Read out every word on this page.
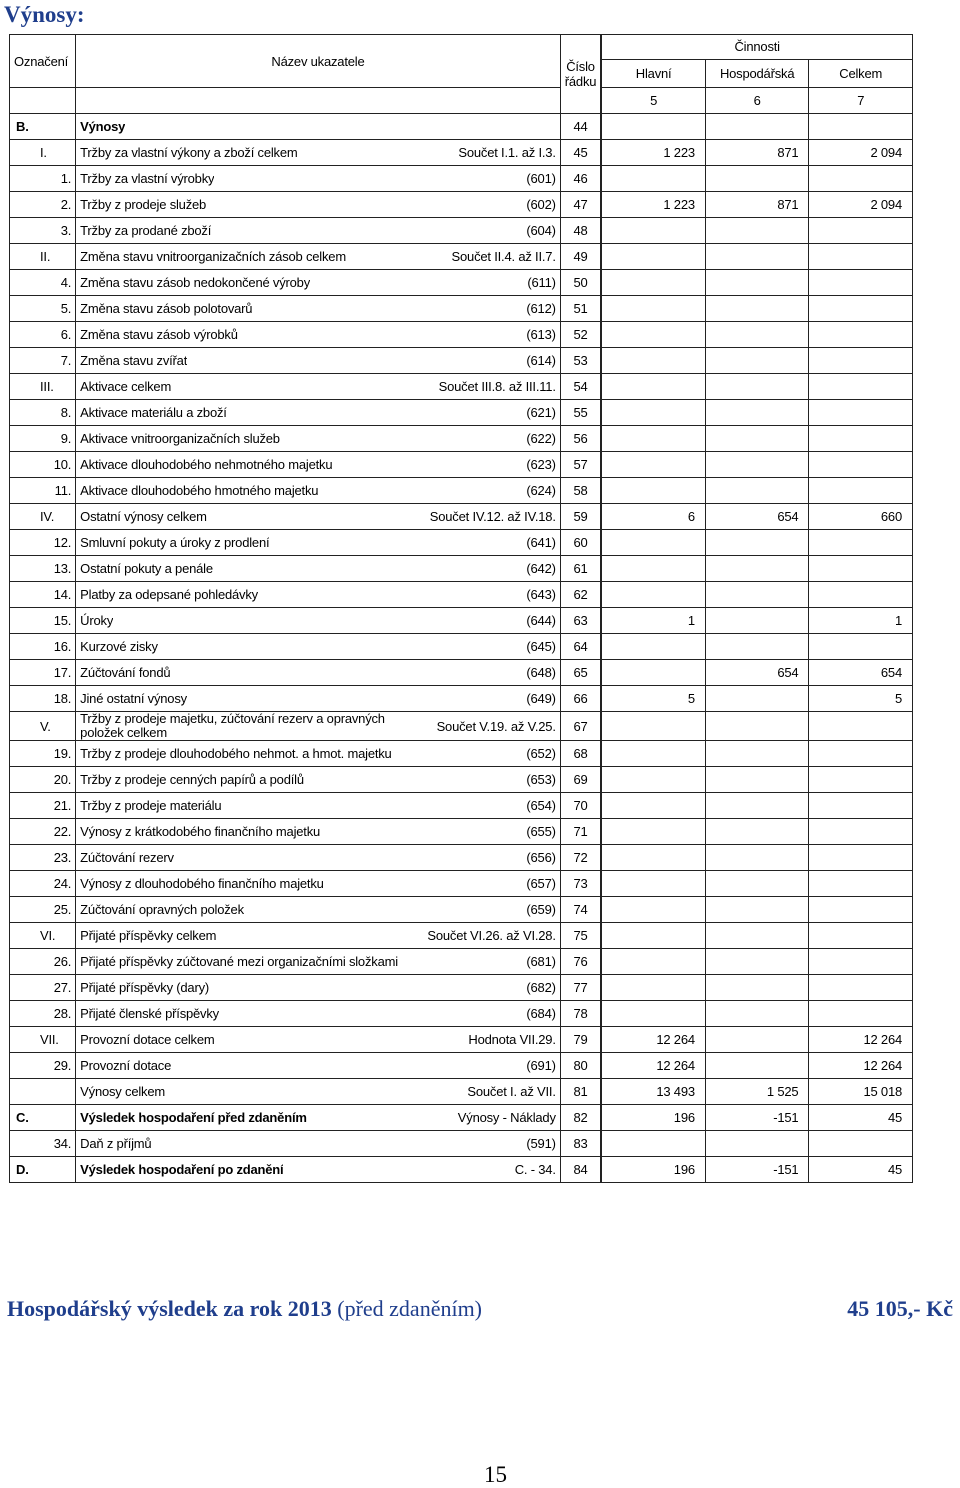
Výnosy:
Označení	Název ukazatele	Číslo řádku		Činnosti		
			Hlavní	Hospodářská	Celkem
			5	6	7
B.	Výnosy	44				
I.	Tržby za vlastní výkony a zboží celkem Součet I.1. až I.3.	45		1 223	871	2 094
1.	Tržby za vlastní výrobky (601)	46				
2.	Tržby z prodeje služeb (602)	47		1 223	871	2 094
3.	Tržby za prodané zboží (604)	48				
II.	Změna stavu vnitroorganizačních zásob celkem Součet II.4. až II.7.	49				
4.	Změna stavu zásob nedokončené výroby (611)	50				
5.	Změna stavu zásob polotovarů (612)	51				
6.	Změna stavu zásob výrobků (613)	52				
7.	Změna stavu zvířat (614)	53				
III.	Aktivace celkem Součet III.8. až III.11.	54				
8.	Aktivace materiálu a zboží (621)	55				
9.	Aktivace vnitroorganizačních služeb (622)	56				
10.	Aktivace dlouhodobého nehmotného majetku (623)	57				
11.	Aktivace dlouhodobého hmotného majetku (624)	58				
IV.	Ostatní výnosy celkem Součet IV.12. až IV.18.	59		6	654	660
12.	Smluvní pokuty a úroky z prodlení (641)	60				
13.	Ostatní pokuty a penále (642)	61				
14.	Platby za odepsané pohledávky (643)	62				
15.	Úroky (644)	63		1		1
16.	Kurzové zisky (645)	64				
17.	Zúčtování fondů (648)	65			654	654
18.	Jiné ostatní výnosy (649)	66		5		5
V.	Tržby z prodeje majetku, zúčtování rezerv a opravných položek celkem Součet V.19. až V.25.	67				
19.	Tržby z prodeje dlouhodobého nehmot. a hmot. majetku (652)	68				
20.	Tržby z prodeje cenných papírů a podílů (653)	69				
21.	Tržby z prodeje materiálu (654)	70				
22.	Výnosy z krátkodobého finančního majetku (655)	71				
23.	Zúčtování rezerv (656)	72				
24.	Výnosy z dlouhodobého finančního majetku (657)	73				
25.	Zúčtování opravných položek (659)	74				
VI.	Přijaté příspěvky celkem Součet VI.26. až VI.28.	75				
26.	Přijaté příspěvky zúčtované mezi organizačními složkami (681)	76				
27.	Přijaté příspěvky (dary) (682)	77				
28.	Přijaté členské příspěvky (684)	78				
VII.	Provozní dotace celkem Hodnota VII.29.	79		12 264		12 264
29.	Provozní dotace (691)	80		12 264		12 264

	Výnosy celkem Součet I. až VII.	81		13 493	1 525	15 018
C.	Výsledek hospodaření před zdaněním Výnosy - Náklady	82		196	-151	45
34.	Daň z příjmů (591)	83				
D.	Výsledek hospodaření po zdanění C. - 34.	84		196	-151	45
Hospodářský výsledek za rok 2013 (před zdaněním)	45 105,- Kč
15
